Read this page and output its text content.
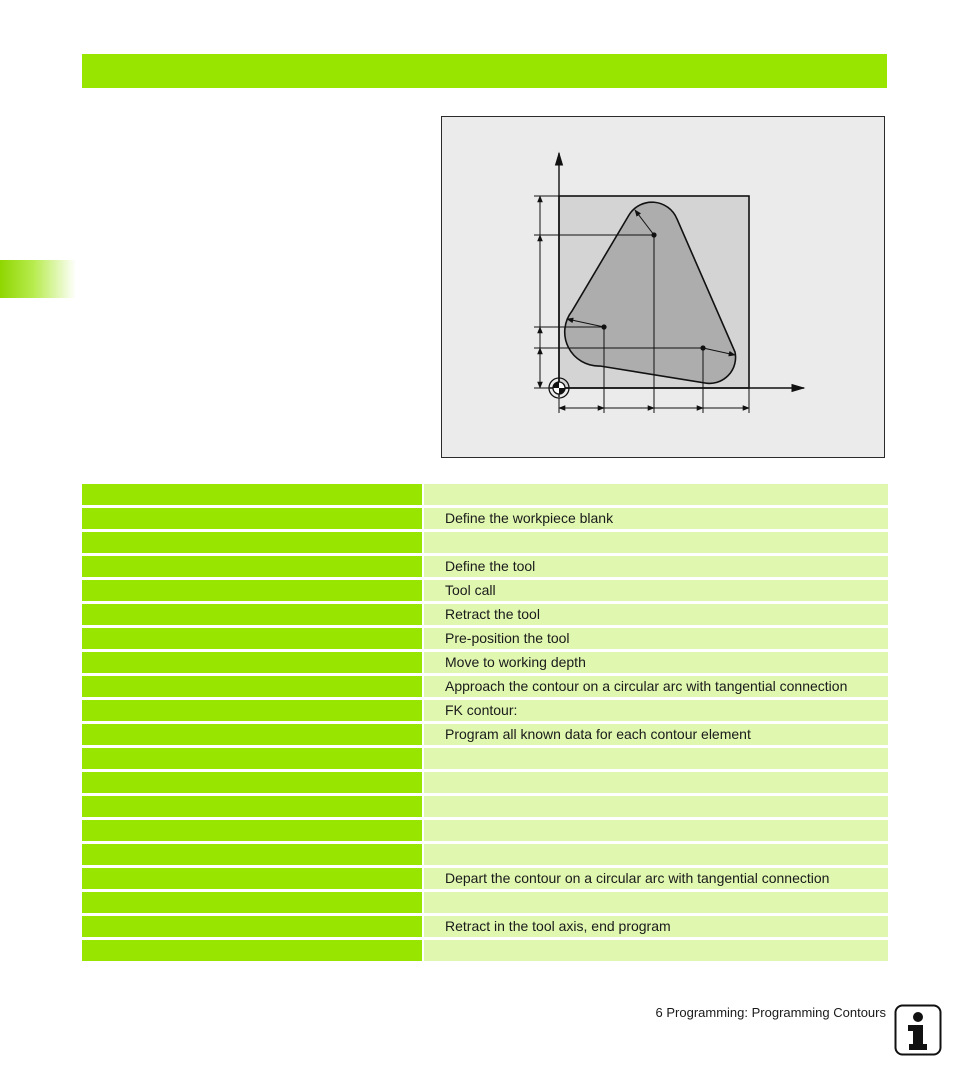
Define the workpiece blank
Define the tool
Tool call
Retract the tool
Pre-position the tool
Move to working depth
Approach the contour on a circular arc with tangential connection
FK contour:
Program all known data for each contour element
Depart the contour on a circular arc with tangential connection
Retract in the tool axis, end program
6 Programming: Programming Contours
